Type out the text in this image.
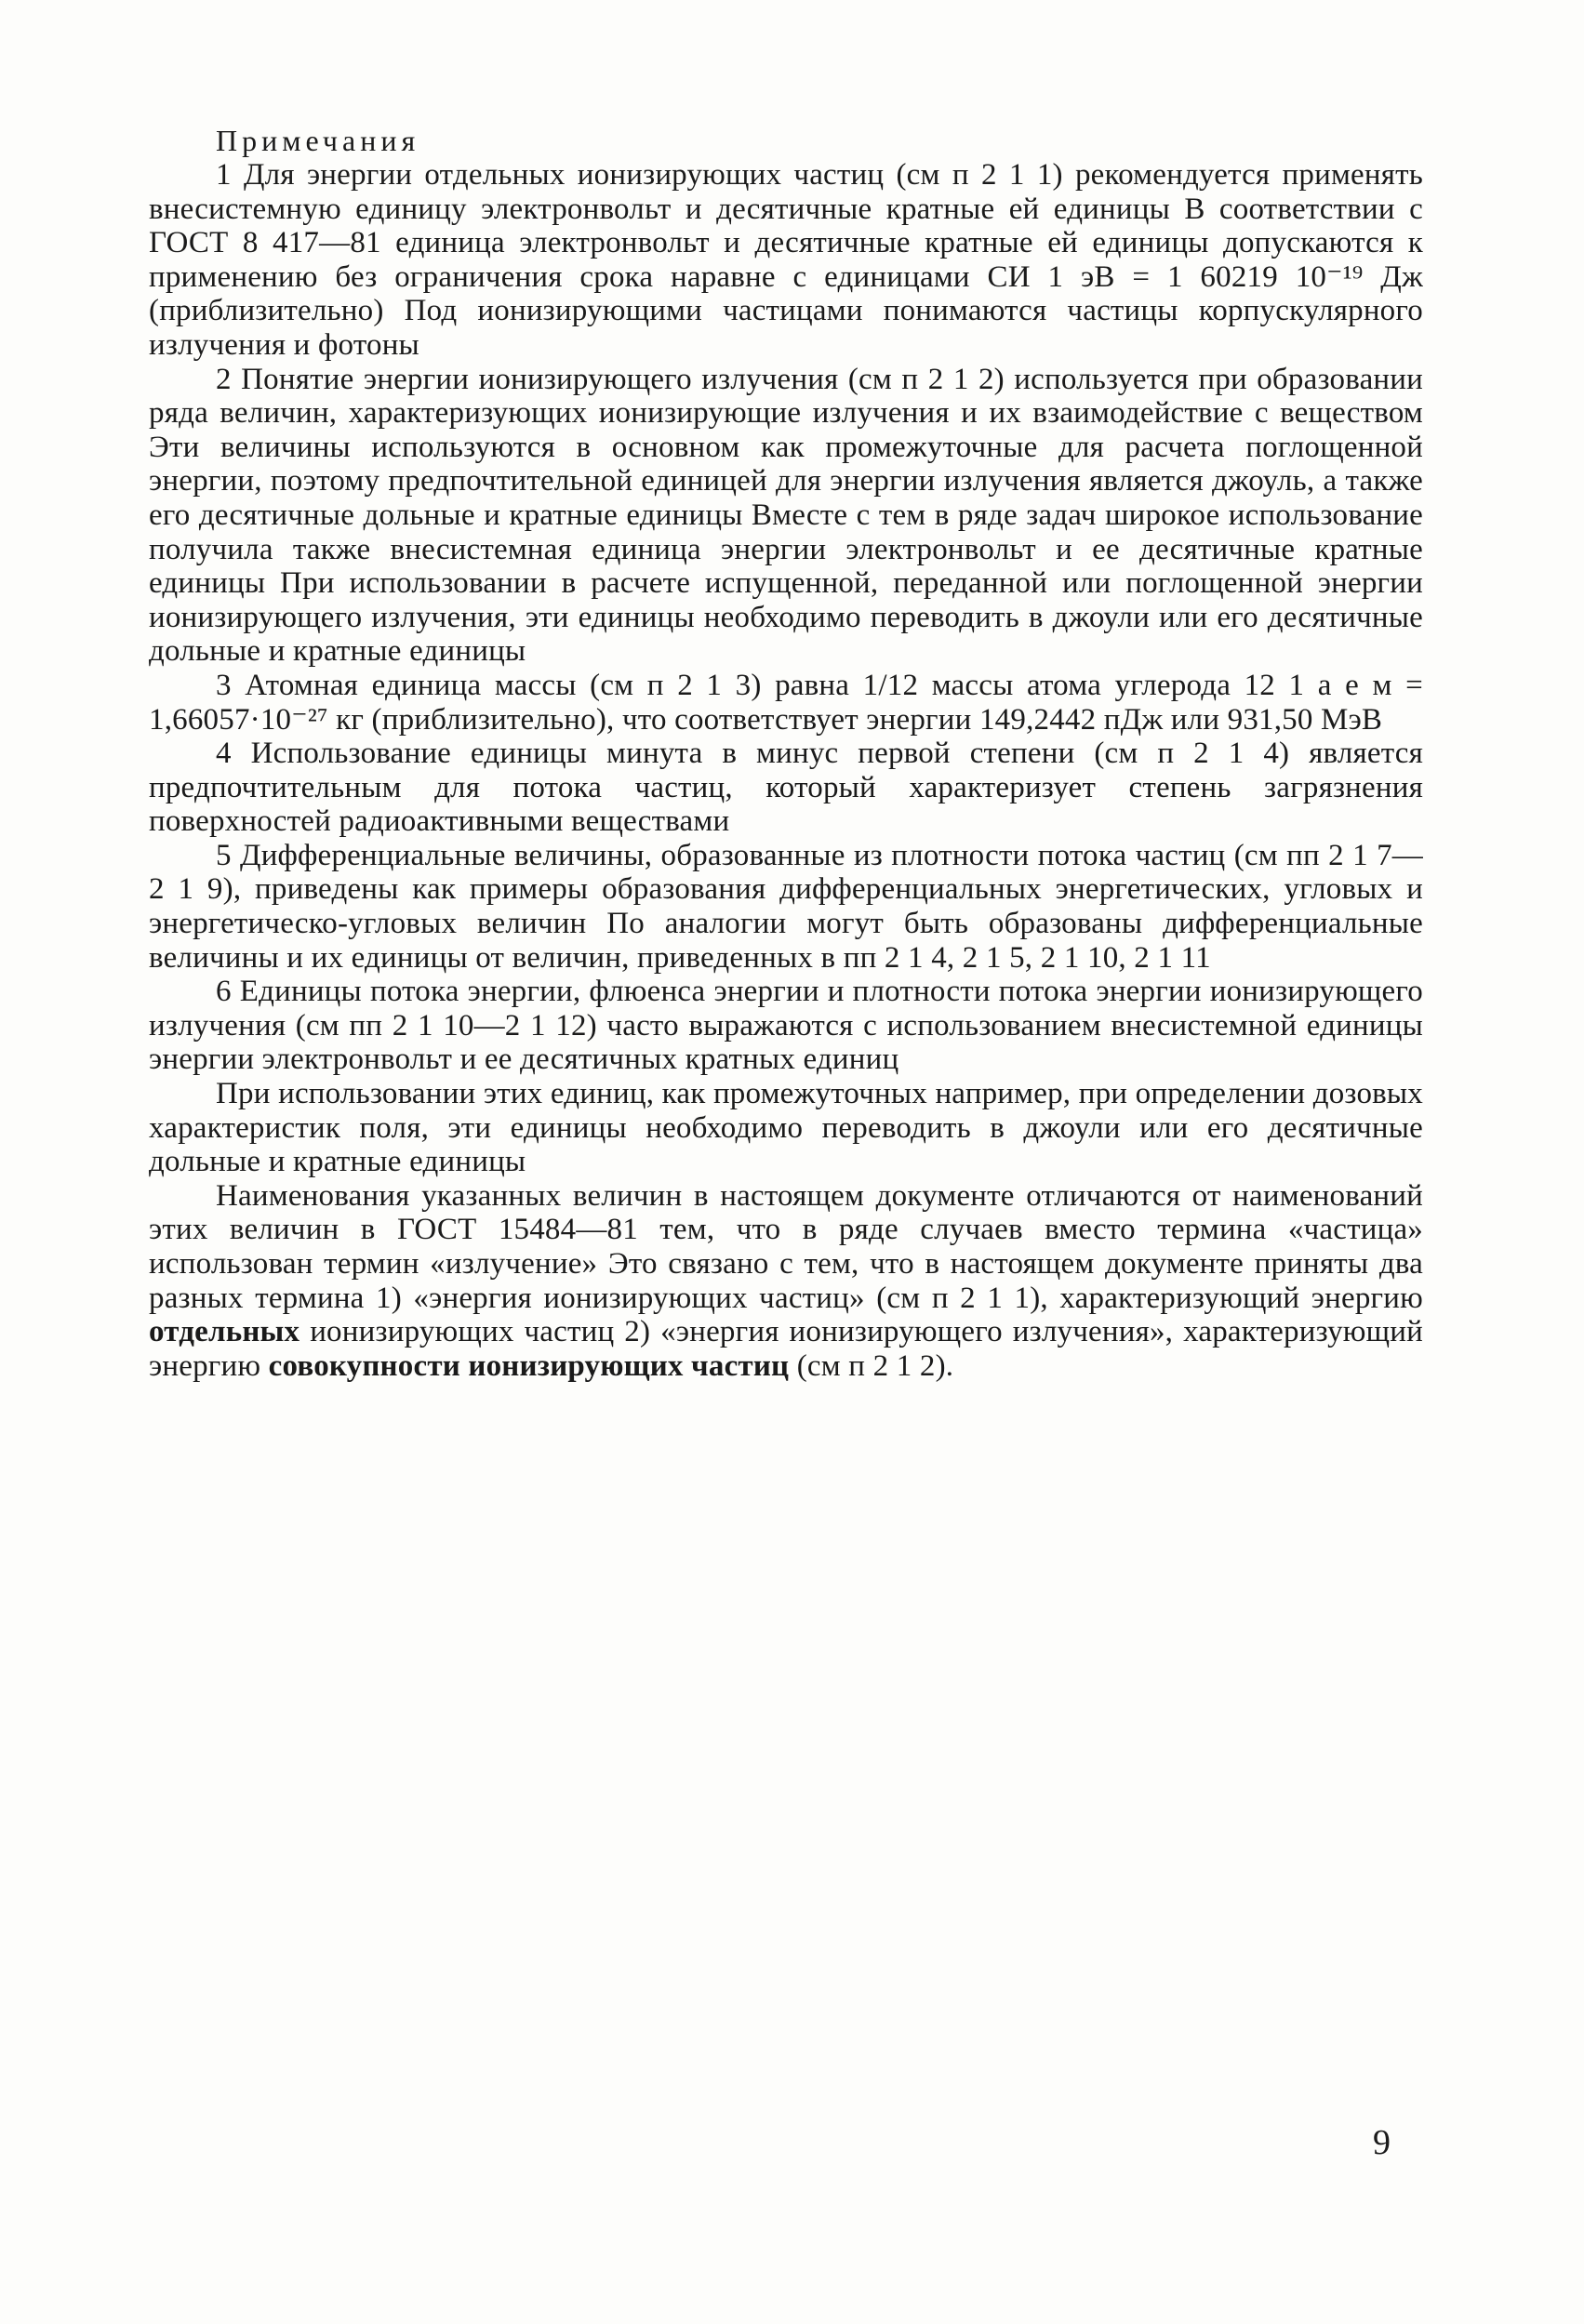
Примечания

1 Для энергии отдельных ионизирующих частиц (см п 2 1 1) рекомендуется применять внесистемную единицу электронвольт и десятичные кратные ей единицы В соответствии с ГОСТ 8 417—81 единица электронвольт и десятичные кратные ей единицы допускаются к применению без ограничения срока наравне с единицами СИ 1 эВ = 1 60219 10⁻¹⁹ Дж (приблизительно) Под ионизирующими частицами понимаются частицы корпускулярного излучения и фотоны

2 Понятие энергии ионизирующего излучения (см п 2 1 2) используется при образовании ряда величин, характеризующих ионизирующие излучения и их взаимодействие с веществом Эти величины используются в основном как промежуточные для расчета поглощенной энергии, поэтому предпочтительной единицей для энергии излучения является джоуль, а также его десятичные дольные и кратные единицы Вместе с тем в ряде задач широкое использование получила также внесистемная единица энергии электронвольт и ее десятичные кратные единицы При использовании в расчете испущенной, переданной или поглощенной энергии ионизирующего излучения, эти единицы необходимо переводить в джоули или его десятичные дольные и кратные единицы

3 Атомная единица массы (см п 2 1 3) равна 1/12 массы атома углерода 12 1 а е м = 1,66057·10⁻²⁷ кг (приблизительно), что соответствует энергии 149,2442 пДж или 931,50 МэВ

4 Использование единицы минута в минус первой степени (см п 2 1 4) является предпочтительным для потока частиц, который характеризует степень загрязнения поверхностей радиоактивными веществами

5 Дифференциальные величины, образованные из плотности потока частиц (см пп 2 1 7—2 1 9), приведены как примеры образования дифференциальных энергетических, угловых и энергетическо-угловых величин По аналогии могут быть образованы дифференциальные величины и их единицы от величин, приведенных в пп 2 1 4, 2 1 5, 2 1 10, 2 1 11

6 Единицы потока энергии, флюенса энергии и плотности потока энергии ионизирующего излучения (см пп 2 1 10—2 1 12) часто выражаются с использованием внесистемной единицы энергии электронвольт и ее десятичных кратных единиц

При использовании этих единиц, как промежуточных например, при определении дозовых характеристик поля, эти единицы необходимо переводить в джоули или его десятичные дольные и кратные единицы

Наименования указанных величин в настоящем документе отличаются от наименований этих величин в ГОСТ 15484—81 тем, что в ряде случаев вместо термина «частица» использован термин «излучение» Это связано с тем, что в настоящем документе приняты два разных термина 1) «энергия ионизирующих частиц» (см п 2 1 1), характеризующий энергию отдельных ионизирующих частиц 2) «энергия ионизирующего излучения», характеризующий энергию совокупности ионизирующих частиц (см п 2 1 2).

9
